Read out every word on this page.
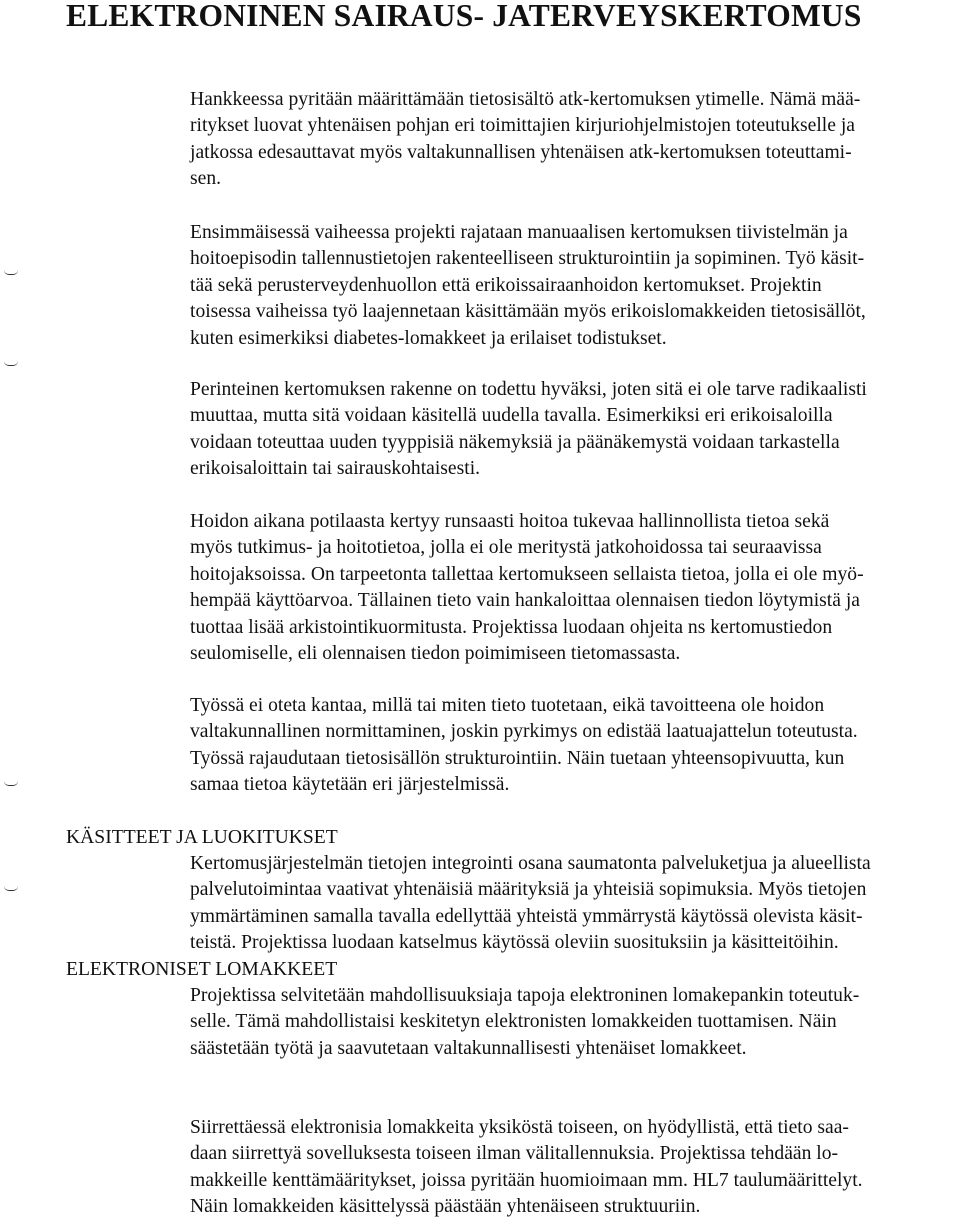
ELEKTRONINEN SAIRAUS- JATERVEYSKERTOMUS
Hankkeessa pyritään määrittämään tietosisältö atk-kertomuksen ytimelle. Nämä mää-
ritykset luovat yhtenäisen pohjan eri toimittajien kirjuriohjelmistojen toteutukselle ja
jatkossa edesauttavat myös valtakunnallisen yhtenäisen atk-kertomuksen toteuttami-
sen.
Ensimmäisessä vaiheessa projekti rajataan manuaalisen kertomuksen tiivistelmän ja
hoitoepisodin tallennustietojen rakenteelliseen strukturointiin ja sopiminen. Työ käsit-
tää sekä perusterveydenhuollon että erikoissairaanhoidon kertomukset. Projektin
toisessa vaiheissa työ laajennetaan käsittämään myös erikoislomakkeiden tietosisällöt,
kuten esimerkiksi diabetes-lomakkeet ja erilaiset todistukset.
Perinteinen kertomuksen rakenne on todettu hyväksi, joten sitä ei ole tarve radikaalisti
muuttaa, mutta sitä voidaan käsitellä uudella tavalla. Esimerkiksi eri erikoisaloilla
voidaan toteuttaa uuden tyyppisiä näkemyksiä ja päänäkemystä voidaan tarkastella
erikoisaloittain tai sairauskohtaisesti.
Hoidon aikana potilaasta kertyy runsaasti hoitoa tukevaa hallinnollista tietoa sekä
myös tutkimus- ja hoitotietoa, jolla ei ole meritystä jatkohoidossa tai seuraavissa
hoitojaksoissa. On tarpeetonta tallettaa kertomukseen sellaista tietoa, jolla ei ole myö-
hempää käyttöarvoa. Tällainen tieto vain hankaloittaa olennaisen tiedon löytymistä ja
tuottaa lisää arkistointikuormitusta. Projektissa luodaan ohjeita ns kertomustiedon
seulomiselle, eli olennaisen tiedon poimimiseen tietomassasta.
Työssä ei oteta kantaa, millä tai miten tieto tuotetaan, eikä tavoitteena ole hoidon
valtakunnallinen normittaminen, joskin pyrkimys on edistää laatuajattelun toteutusta.
Työssä rajaudutaan tietosisällön strukturointiin. Näin tuetaan yhteensopivuutta, kun
samaa tietoa käytetään eri järjestelmissä.
KÄSITTEET JA LUOKITUKSET
Kertomusjärjestelmän tietojen integrointi osana saumatonta palveluketjua ja alueellista
palvelutoimintaa vaativat yhtenäisiä määrityksiä ja yhteisiä sopimuksia. Myös tietojen
ymmärtäminen samalla tavalla edellyttää yhteistä ymmärrystä käytössä olevista käsit-
teistä. Projektissa luodaan katselmus käytössä oleviin suosituksiin ja käsitteitöihin.
ELEKTRONISET LOMAKKEET
Projektissa selvitetään mahdollisuuksiaja tapoja elektroninen lomakepankin toteutuk-
selle. Tämä mahdollistaisi keskitetyn elektronisten lomakkeiden tuottamisen. Näin
säästetään työtä ja saavutetaan valtakunnallisesti yhtenäiset lomakkeet.
Siirrettäessä elektronisia lomakkeita yksiköstä toiseen, on hyödyllistä, että tieto saa-
daan siirrettyä sovelluksesta toiseen ilman välitallennuksia. Projektissa tehdään lo-
makkeille kenttämääritykset, joissa pyritään huomioimaan mm. HL7 taulumäärittelyt.
Näin lomakkeiden käsittelyssä päästään yhtenäiseen struktuuriin.
